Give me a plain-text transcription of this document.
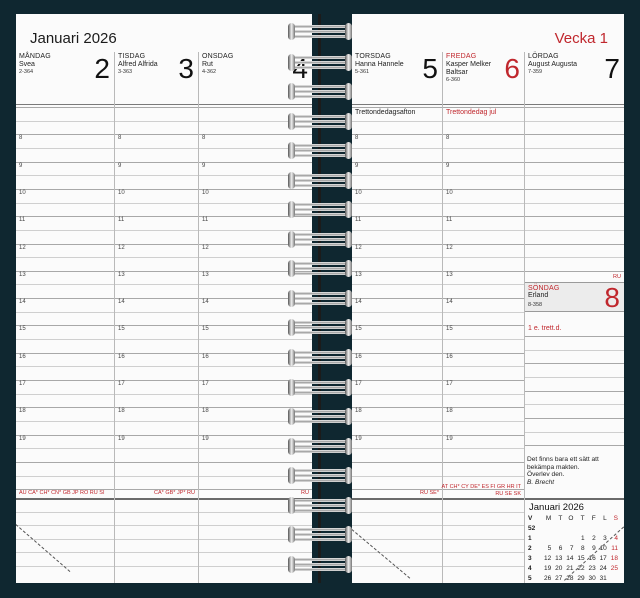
Januari 2026
MÅNDAG
Svea
2-364 2
8
9
10
11
12
13
14
15
16
17
18
19
AU CA* CH* CN* GB JP RO RU SI
TISDAG
Alfred Alfrida
3-363 3
8
9
10
11
12
13
14
15
16
17
18
19
CA* GB* JP* RU
ONSDAG
Rut
4-362
8
9
10
11
12
13
14
15
16
17
18
19
RU
Vecka 1
TORSDAG
Hanna Hannele
5-361 5
Trettondedagsafton
8
9
10
11
12
13
14
15
16
17
18
19
RU SE*
FREDAG
Kasper Melker
Baltsar
6-360 6
Trettondedag jul
8
9
10
11
12
13
14
15
16
17
18
19
AT CH* CY DE* ES FI GR HR IT
RU SE SK
LÖRDAG
August Augusta
7-359 7
RU
SÖNDAG
Erland
8-358 8
1 e. trett.d.
Det finns bara ett sätt att
bekämpa makten.
Överlev den.
B. Brecht
Januari 2026
V	M	T	O	T	F	L	S
52							
1				1	2	3	4
2	5	6	7	8	9	10	11
3	12	13	14	15	16	17	18
4	19	20	21	22	23	24	25
5	26	27	28	29	30	31	
